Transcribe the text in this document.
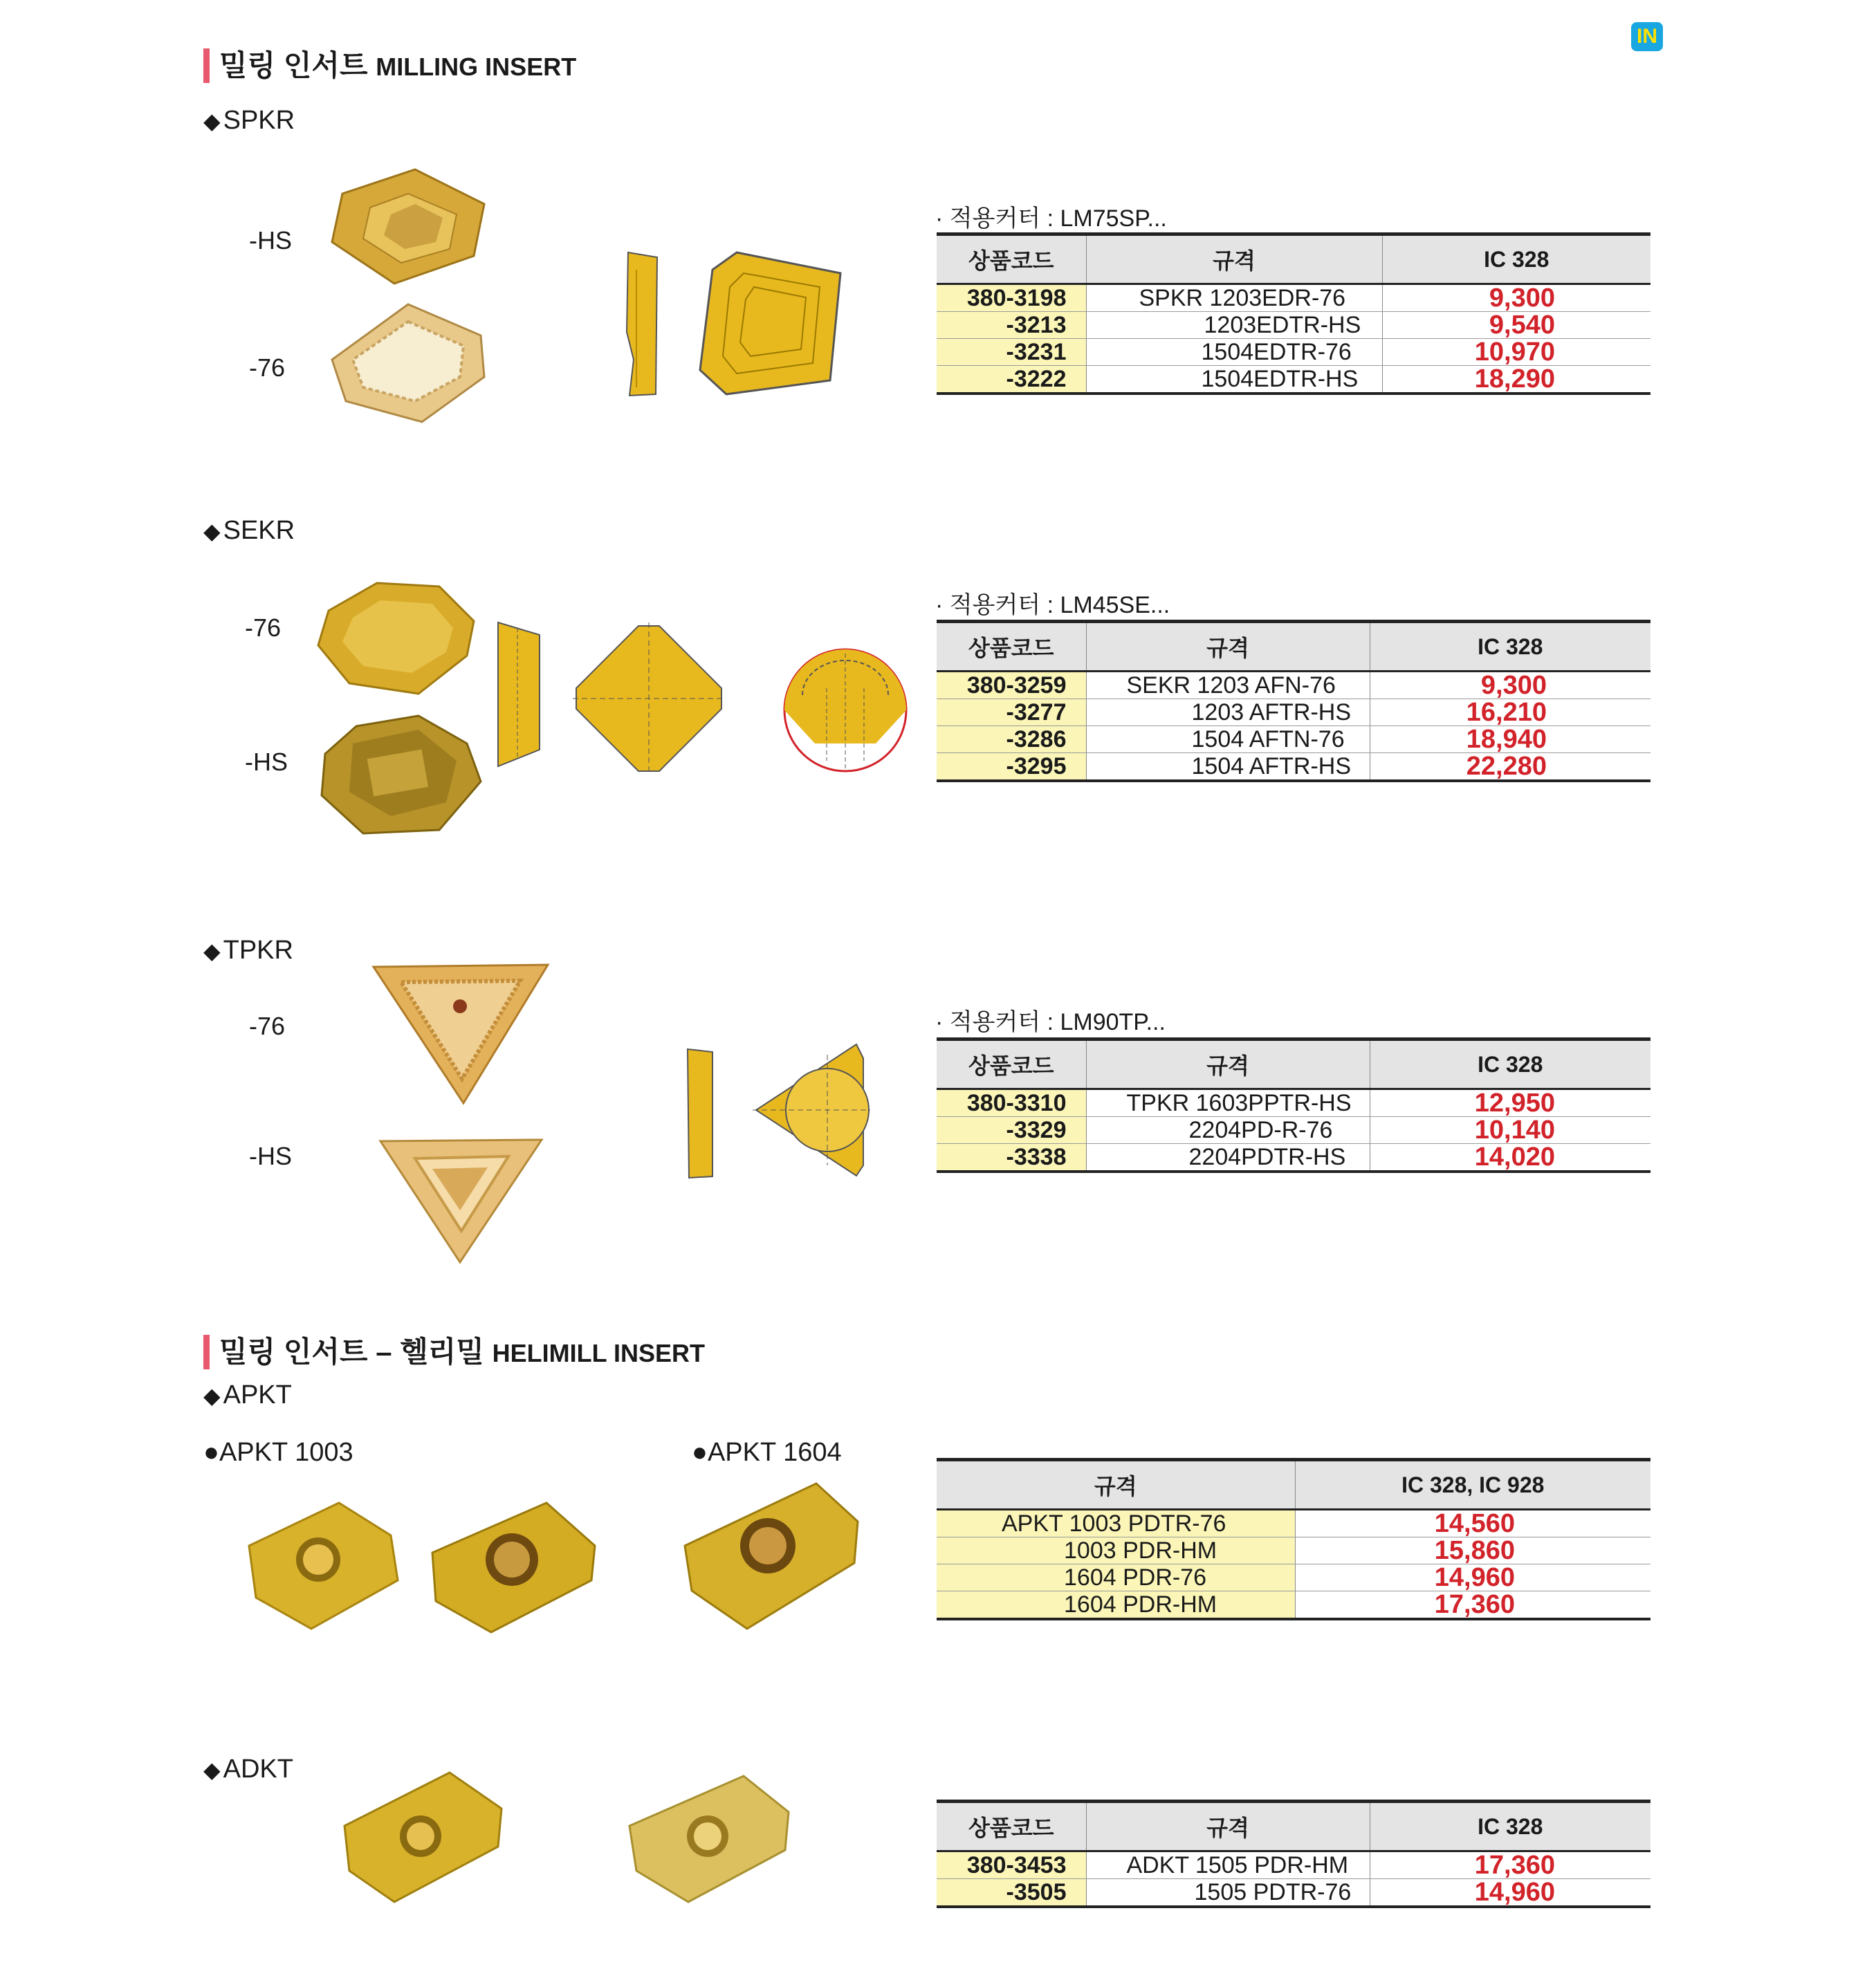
IN
밀링 인서트 MILLING INSERT
◆ SPKR
-HS
-76
· 적용커터 : LM75SP...
상품코드	규격	IC 328
380-3198	SPKR 1203EDR-76	9,300
-3213	1203EDTR-HS	9,540
-3231	1504EDTR-76	10,970
-3222	1504EDTR-HS	18,290
◆ SEKR
-76
-HS
· 적용커터 : LM45SE...
상품코드	규격	IC 328
380-3259	SEKR 1203 AFN-76	9,300
-3277	1203 AFTR-HS	16,210
-3286	1504 AFTN-76	18,940
-3295	1504 AFTR-HS	22,280
◆ TPKR
-76
-HS
· 적용커터 : LM90TP...
상품코드	규격	IC 328
380-3310	TPKR 1603PPTR-HS	12,950
-3329	2204PD-R-76	10,140
-3338	2204PDTR-HS	14,020
밀링 인서트 – 헬리밀 HELIMILL INSERT
◆ APKT
●APKT 1003	●APKT 1604
규격	IC 328, IC 928
APKT 1003 PDTR-76	14,560
1003 PDR-HM	15,860
1604 PDR-76	14,960
1604 PDR-HM	17,360
◆ ADKT
상품코드	규격	IC 328
380-3453	ADKT 1505 PDR-HM	17,360
-3505	1505 PDTR-76	14,960
